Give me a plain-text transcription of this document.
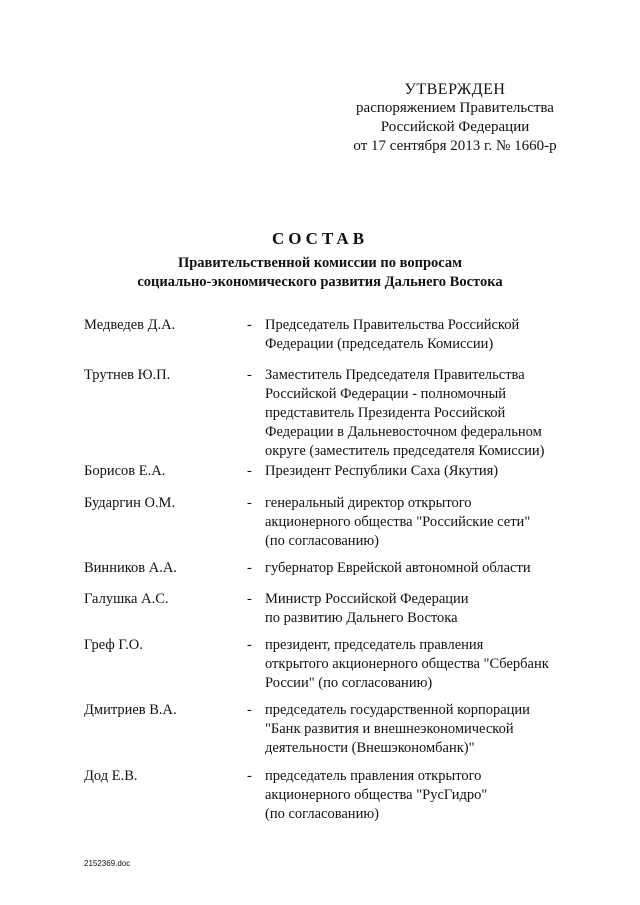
УТВЕРЖДЕН
распоряжением Правительства
Российской Федерации
от 17 сентября 2013 г. № 1660-р
СОСТАВ
Правительственной комиссии по вопросам
социально-экономического развития Дальнего Востока
Медведев Д.А.	- Председатель Правительства Российской
Федерации (председатель Комиссии)
Трутнев Ю.П.	- Заместитель Председателя Правительства
Российской Федерации - полномочный
представитель Президента Российской
Федерации в Дальневосточном федеральном
округе (заместитель председателя Комиссии)
Борисов Е.А.	- Президент Республики Саха (Якутия)
Бударгин О.М.	- генеральный директор открытого
акционерного общества "Российские сети"
(по согласованию)
Винников А.А.	- губернатор Еврейской автономной области
Галушка А.С.	- Министр Российской Федерации
по развитию Дальнего Востока
Греф Г.О.	- президент, председатель правления
открытого акционерного общества "Сбербанк
России" (по согласованию)
Дмитриев В.А.	- председатель государственной корпорации
"Банк развития и внешнеэкономической
деятельности (Внешэкономбанк)"
Дод Е.В.	- председатель правления открытого
акционерного общества "РусГидро"
(по согласованию)
2152369.doc
